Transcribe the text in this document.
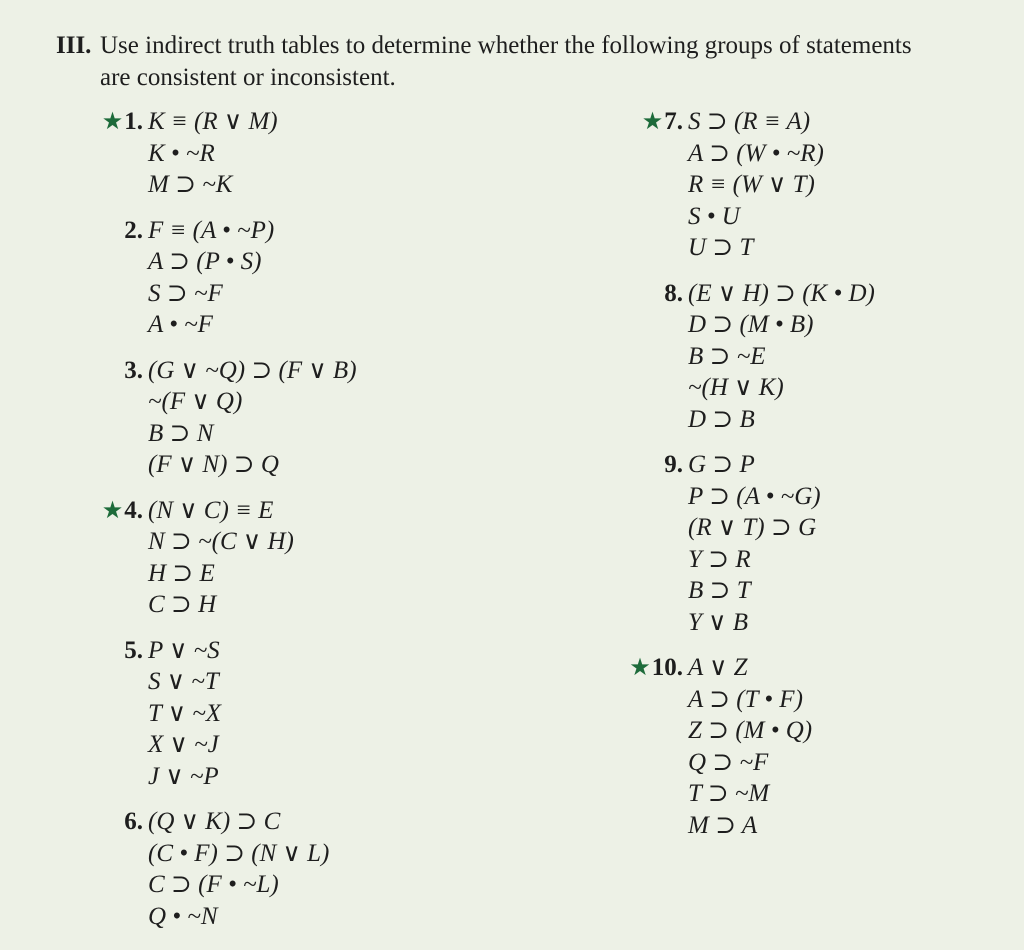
III. Use indirect truth tables to determine whether the following groups of statements
are consistent or inconsistent.
★1. K ≡ (R ∨ M)
K • ~R
M ⊃ ~K
2. F ≡ (A • ~P)
A ⊃ (P • S)
S ⊃ ~F
A • ~F
3. (G ∨ ~Q) ⊃ (F ∨ B)
~(F ∨ Q)
B ⊃ N
(F ∨ N) ⊃ Q
★4. (N ∨ C) ≡ E
N ⊃ ~(C ∨ H)
H ⊃ E
C ⊃ H
5. P ∨ ~S
S ∨ ~T
T ∨ ~X
X ∨ ~J
J ∨ ~P
6. (Q ∨ K) ⊃ C
(C • F) ⊃ (N ∨ L)
C ⊃ (F • ~L)
Q • ~N
★7. S ⊃ (R ≡ A)
A ⊃ (W • ~R)
R ≡ (W ∨ T)
S • U
U ⊃ T
8. (E ∨ H) ⊃ (K • D)
D ⊃ (M • B)
B ⊃ ~E
~(H ∨ K)
D ⊃ B
9. G ⊃ P
P ⊃ (A • ~G)
(R ∨ T) ⊃ G
Y ⊃ R
B ⊃ T
Y ∨ B
★10. A ∨ Z
A ⊃ (T • F)
Z ⊃ (M • Q)
Q ⊃ ~F
T ⊃ ~M
M ⊃ A
